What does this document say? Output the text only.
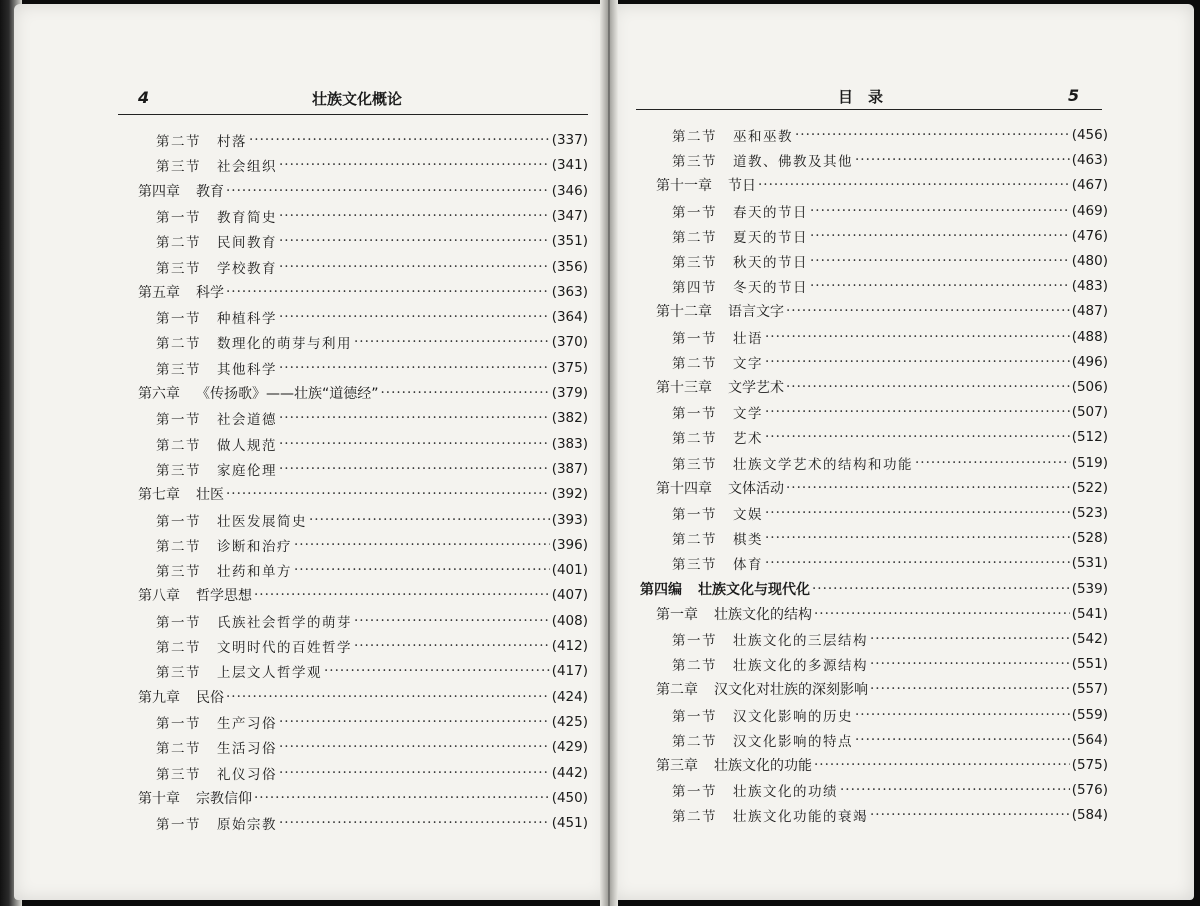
4	壮族文化概论	目　录	5
第二节 村落 ·····	(337)
第三节 社会组织 ·····	(341)
第四章 教育 ·····	(346)
第一节 教育简史 ·····	(347)
第二节 民间教育 ·····	(351)
第三节 学校教育 ·····	(356)
第五章 科学 ·····	(363)
第一节 种植科学 ·····	(364)
第二节 数理化的萌芽与利用 ·····	(370)
第三节 其他科学 ·····	(375)
第六章 《传扬歌》——壮族“道德经” ·····	(379)
第一节 社会道德 ·····	(382)
第二节 做人规范 ·····	(383)
第三节 家庭伦理 ·····	(387)
第七章 壮医 ·····	(392)
第一节 壮医发展简史 ·····	(393)
第二节 诊断和治疗 ·····	(396)
第三节 壮药和单方 ·····	(401)
第八章 哲学思想 ·····	(407)
第一节 氏族社会哲学的萌芽 ·····	(408)
第二节 文明时代的百姓哲学 ·····	(412)
第三节 上层文人哲学观 ·····	(417)
第九章 民俗 ·····	(424)
第一节 生产习俗 ·····	(425)
第二节 生活习俗 ·····	(429)
第三节 礼仪习俗 ·····	(442)
第十章 宗教信仰 ·····	(450)
第一节 原始宗教 ·····	(451)
第二节 巫和巫教 ·····	(456)
第三节 道教、佛教及其他 ·····	(463)
第十一章 节日 ·····	(467)
第一节 春天的节日 ·····	(469)
第二节 夏天的节日 ·····	(476)
第三节 秋天的节日 ·····	(480)
第四节 冬天的节日 ·····	(483)
第十二章 语言文字 ·····	(487)
第一节 壮语 ·····	(488)
第二节 文字 ·····	(496)
第十三章 文学艺术 ·····	(506)
第一节 文学 ·····	(507)
第二节 艺术 ·····	(512)
第三节 壮族文学艺术的结构和功能 ·····	(519)
第十四章 文体活动 ·····	(522)
第一节 文娱 ·····	(523)
第二节 棋类 ·····	(528)
第三节 体育 ·····	(531)
第四编 壮族文化与现代化 ·····	(539)
第一章 壮族文化的结构 ·····	(541)
第一节 壮族文化的三层结构 ·····	(542)
第二节 壮族文化的多源结构 ·····	(551)
第二章 汉文化对壮族的深刻影响 ·····	(557)
第一节 汉文化影响的历史 ·····	(559)
第二节 汉文化影响的特点 ·····	(564)
第三章 壮族文化的功能 ·····	(575)
第一节 壮族文化的功绩 ·····	(576)
第二节 壮族文化功能的衰竭 ·····	(584)
